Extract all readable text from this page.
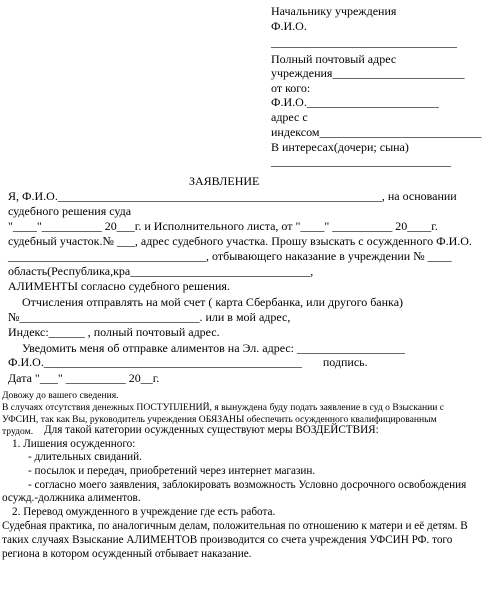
Начальнику учреждения
Ф.И.О.
_______________________________
Полный почтовый адрес
учреждения______________________
от кого:
Ф.И.О.______________________
адрес с
индексом___________________________
В интересах(дочери; сына)
______________________________
ЗАЯВЛЕНИЕ
Я, Ф.И.О.______________________________________________________, на основании
судебного решения суда
"____"__________ 20___г. и Исполнительного листа, от "____" __________ 20____г.
судебный участок.№ ___, адрес судебного участка. Прошу взыскать с осужденного Ф.И.О.
_________________________________, отбывающего наказание в учреждении № ____
область(Республика,кра______________________________,
АЛИМЕНТЫ согласно судебного решения.
Отчисления отправлять на мой счет ( карта Сбербанка, или другого банка)
№______________________________. или в мой адрес,
Индекс:______ , полный почтовый адрес.
Уведомить меня об отправке алиментов на Эл. адрес: __________________
Ф.И.О.___________________________________________       подпись.
Дата "___" __________ 20__г.
Довожу до вашего сведения.
В случаях отсутствия денежных ПОСТУПЛЕНИЙ, я вынуждена буду подать заявление в суд о Взыскании с
УФСИН, так как Вы, руководитель учреждения ОБЯЗАНЫ обеспечить осужденного квалифицированным
трудом. Для такой категории осужденных существуют меры ВОЗДЕЙСТВИЯ:
1. Лишения осужденного:
- длительных свиданий.
- посылок и передач, приобретений через интернет магазин.
- согласно моего заявления, заблокировать возможность Условно досрочного освобождения
осужд.-должника алиментов.
2. Перевод омужденного в учреждение где есть работа.
Судебная практика, по аналогичным делам, положительная по отношению к матери и её детям. В
таких случаях Взыскание АЛИМЕНТОВ производится со счета учреждения УФСИН РФ. того
региона в котором осужденный отбывает наказание.
